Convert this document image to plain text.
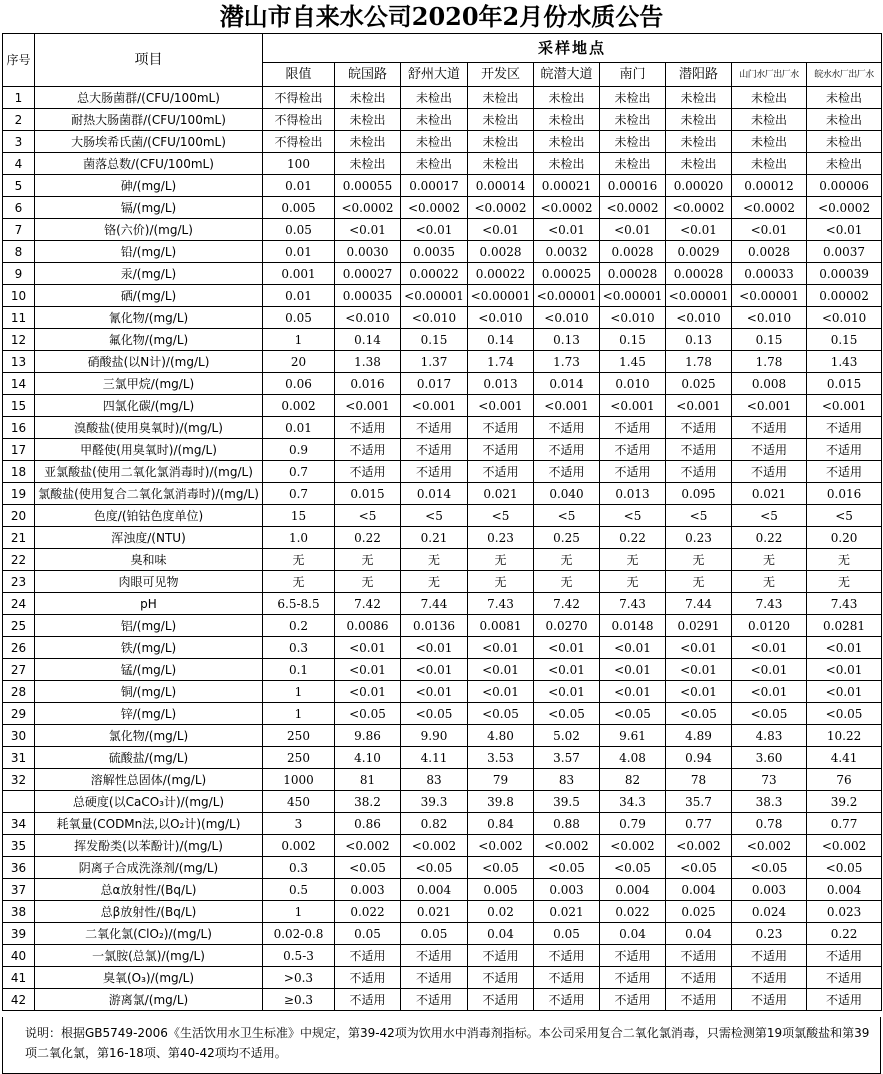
潜山市自来水公司2020年2月份水质公告
序号	项目	采样地点								
		限值	皖国路	舒州大道	开发区	皖潜大道	南门	潜阳路	山门水厂出厂水	皖水水厂出厂水
1	总大肠菌群/(CFU/100mL)	不得检出	未检出	未检出	未检出	未检出	未检出	未检出	未检出	未检出
2	耐热大肠菌群/(CFU/100mL)	不得检出	未检出	未检出	未检出	未检出	未检出	未检出	未检出	未检出
3	大肠埃希氏菌/(CFU/100mL)	不得检出	未检出	未检出	未检出	未检出	未检出	未检出	未检出	未检出
4	菌落总数/(CFU/100mL)	100	未检出	未检出	未检出	未检出	未检出	未检出	未检出	未检出
5	砷/(mg/L)	0.01	0.00055	0.00017	0.00014	0.00021	0.00016	0.00020	0.00012	0.00006
6	镉/(mg/L)	0.005	<0.0002	<0.0002	<0.0002	<0.0002	<0.0002	<0.0002	<0.0002	<0.0002
7	铬(六价)/(mg/L)	0.05	<0.01	<0.01	<0.01	<0.01	<0.01	<0.01	<0.01	<0.01
8	铅/(mg/L)	0.01	0.0030	0.0035	0.0028	0.0032	0.0028	0.0029	0.0028	0.0037
9	汞/(mg/L)	0.001	0.00027	0.00022	0.00022	0.00025	0.00028	0.00028	0.00033	0.00039
10	硒/(mg/L)	0.01	0.00035	<0.00001	<0.00001	<0.00001	<0.00001	<0.00001	<0.00001	0.00002
11	氰化物/(mg/L)	0.05	<0.010	<0.010	<0.010	<0.010	<0.010	<0.010	<0.010	<0.010
12	氟化物/(mg/L)	1	0.14	0.15	0.14	0.13	0.15	0.13	0.15	0.15
13	硝酸盐(以N计)/(mg/L)	20	1.38	1.37	1.74	1.73	1.45	1.78	1.78	1.43
14	三氯甲烷/(mg/L)	0.06	0.016	0.017	0.013	0.014	0.010	0.025	0.008	0.015
15	四氯化碳/(mg/L)	0.002	<0.001	<0.001	<0.001	<0.001	<0.001	<0.001	<0.001	<0.001
16	溴酸盐(使用臭氧时)/(mg/L)	0.01	不适用	不适用	不适用	不适用	不适用	不适用	不适用	不适用
17	甲醛使(用臭氧时)/(mg/L)	0.9	不适用	不适用	不适用	不适用	不适用	不适用	不适用	不适用
18	亚氯酸盐(使用二氧化氯消毒时)/(mg/L)	0.7	不适用	不适用	不适用	不适用	不适用	不适用	不适用	不适用
19	氯酸盐(使用复合二氧化氯消毒时)/(mg/L)	0.7	0.015	0.014	0.021	0.040	0.013	0.095	0.021	0.016
20	色度/(铂钴色度单位)	15	<5	<5	<5	<5	<5	<5	<5	<5
21	浑浊度/(NTU)	1.0	0.22	0.21	0.23	0.25	0.22	0.23	0.22	0.20
22	臭和味	无	无	无	无	无	无	无	无	无
23	肉眼可见物	无	无	无	无	无	无	无	无	无
24	pH	6.5-8.5	7.42	7.44	7.43	7.42	7.43	7.44	7.43	7.43
25	铝/(mg/L)	0.2	0.0086	0.0136	0.0081	0.0270	0.0148	0.0291	0.0120	0.0281
26	铁/(mg/L)	0.3	<0.01	<0.01	<0.01	<0.01	<0.01	<0.01	<0.01	<0.01
27	锰/(mg/L)	0.1	<0.01	<0.01	<0.01	<0.01	<0.01	<0.01	<0.01	<0.01
28	铜/(mg/L)	1	<0.01	<0.01	<0.01	<0.01	<0.01	<0.01	<0.01	<0.01
29	锌/(mg/L)	1	<0.05	<0.05	<0.05	<0.05	<0.05	<0.05	<0.05	<0.05
30	氯化物/(mg/L)	250	9.86	9.90	4.80	5.02	9.61	4.89	4.83	10.22
31	硫酸盐/(mg/L)	250	4.10	4.11	3.53	3.57	4.08	0.94	3.60	4.41
32	溶解性总固体/(mg/L)	1000	81	83	79	83	82	78	73	76
	总硬度(以CaCO₃计)/(mg/L)	450	38.2	39.3	39.8	39.5	34.3	35.7	38.3	39.2
34	耗氧量(CODMn法,以O₂计)(mg/L)	3	0.86	0.82	0.84	0.88	0.79	0.77	0.78	0.77
35	挥发酚类(以苯酚计)/(mg/L)	0.002	<0.002	<0.002	<0.002	<0.002	<0.002	<0.002	<0.002	<0.002
36	阴离子合成洗涤剂/(mg/L)	0.3	<0.05	<0.05	<0.05	<0.05	<0.05	<0.05	<0.05	<0.05
37	总α放射性/(Bq/L)	0.5	0.003	0.004	0.005	0.003	0.004	0.004	0.003	0.004
38	总β放射性/(Bq/L)	1	0.022	0.021	0.02	0.021	0.022	0.025	0.024	0.023
39	二氧化氯(ClO₂)/(mg/L)	0.02-0.8	0.05	0.05	0.04	0.05	0.04	0.04	0.23	0.22
40	一氯胺(总氯)/(mg/L)	0.5-3	不适用	不适用	不适用	不适用	不适用	不适用	不适用	不适用
41	臭氧(O₃)/(mg/L)	>0.3	不适用	不适用	不适用	不适用	不适用	不适用	不适用	不适用
42	游离氯/(mg/L)	≥0.3	不适用	不适用	不适用	不适用	不适用	不适用	不适用	不适用
说明：根据GB5749-2006《生活饮用水卫生标准》中规定，第39-42项为饮用水中消毒剂指标。本公司采用复合二氧化氯消毒，只需检测第19项氯酸盐和第39项二氧化氯，第16-18项、第40-42项均不适用。
